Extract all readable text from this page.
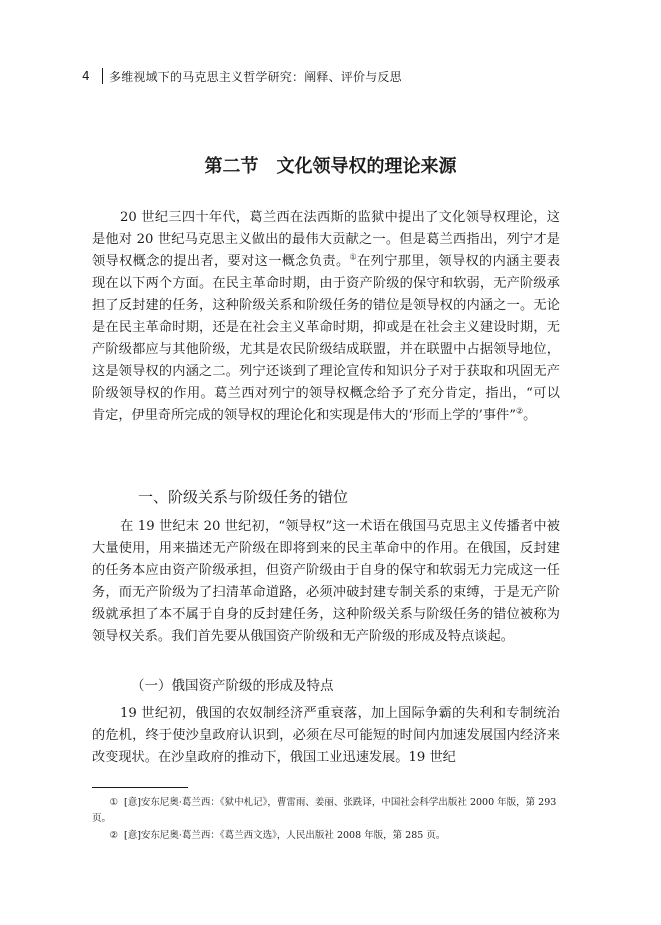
4	多维视域下的马克思主义哲学研究：阐释、评价与反思
第二节　文化领导权的理论来源

20 世纪三四十年代，葛兰西在法西斯的监狱中提出了文化领导权理论，这是他对 20 世纪马克思主义做出的最伟大贡献之一。但是葛兰西指出，列宁才是领导权概念的提出者，要对这一概念负责。①在列宁那里，领导权的内涵主要表现在以下两个方面。在民主革命时期，由于资产阶级的保守和软弱，无产阶级承担了反封建的任务，这种阶级关系和阶级任务的错位是领导权的内涵之一。无论是在民主革命时期，还是在社会主义革命时期，抑或是在社会主义建设时期，无产阶级都应与其他阶级，尤其是农民阶级结成联盟，并在联盟中占据领导地位，这是领导权的内涵之二。列宁还谈到了理论宣传和知识分子对于获取和巩固无产阶级领导权的作用。葛兰西对列宁的领导权概念给予了充分肯定，指出，“可以肯定，伊里奇所完成的领导权的理论化和实现是伟大的‘形而上学的’事件”②。

一、阶级关系与阶级任务的错位

在 19 世纪末 20 世纪初，“领导权”这一术语在俄国马克思主义传播者中被大量使用，用来描述无产阶级在即将到来的民主革命中的作用。在俄国，反封建的任务本应由资产阶级承担，但资产阶级由于自身的保守和软弱无力完成这一任务，而无产阶级为了扫清革命道路，必须冲破封建专制关系的束缚，于是无产阶级就承担了本不属于自身的反封建任务，这种阶级关系与阶级任务的错位被称为领导权关系。我们首先要从俄国资产阶级和无产阶级的形成及特点谈起。

（一）俄国资产阶级的形成及特点

19 世纪初，俄国的农奴制经济严重衰落，加上国际争霸的失利和专制统治的危机，终于使沙皇政府认识到，必须在尽可能短的时间内加速发展国内经济来改变现状。在沙皇政府的推动下，俄国工业迅速发展。19 世纪

① [意]安东尼奥·葛兰西：《狱中札记》，曹雷雨、姜丽、张跣译，中国社会科学出版社 2000 年版，第 293 页。

② [意]安东尼奥·葛兰西：《葛兰西文选》，人民出版社 2008 年版，第 285 页。
